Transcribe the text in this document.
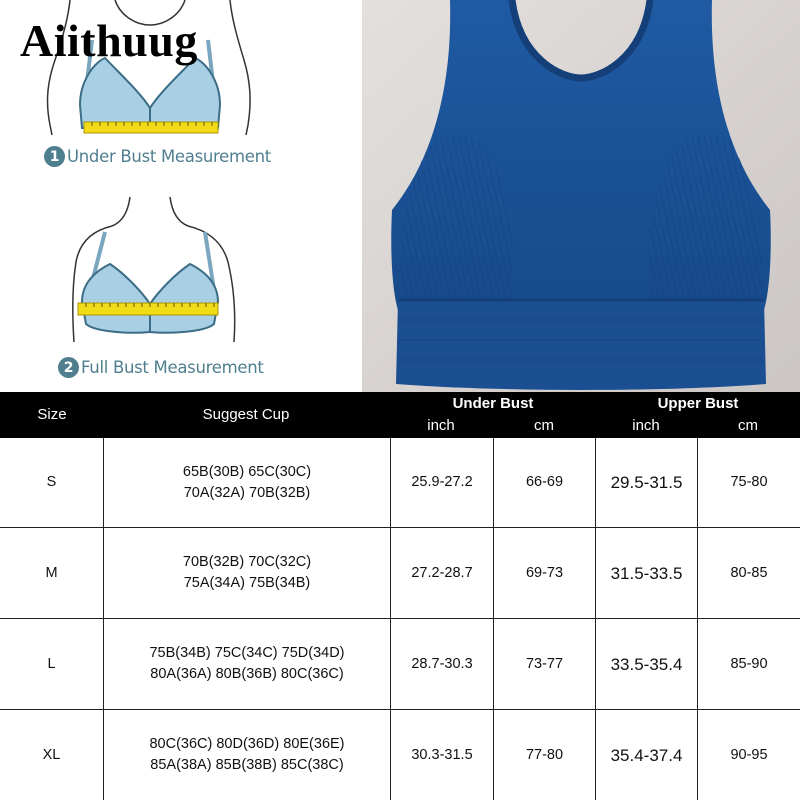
Aiithuug
1 Under Bust Measurement
2 Full Bust Measurement
Size	Suggest Cup
Under Bust	Upper Bust
inch	cm	inch	cm
S
65B(30B) 65C(30C)
70A(32A) 70B(32B)
25.9-27.2	66-69	29.5-31.5	75-80
M
70B(32B) 70C(32C)
75A(34A) 75B(34B)
27.2-28.7	69-73	31.5-33.5	80-85
L
75B(34B) 75C(34C) 75D(34D)
80A(36A) 80B(36B) 80C(36C)
28.7-30.3	73-77	33.5-35.4	85-90
XL
80C(36C) 80D(36D) 80E(36E)
85A(38A) 85B(38B) 85C(38C)
30.3-31.5	77-80	35.4-37.4	90-95
